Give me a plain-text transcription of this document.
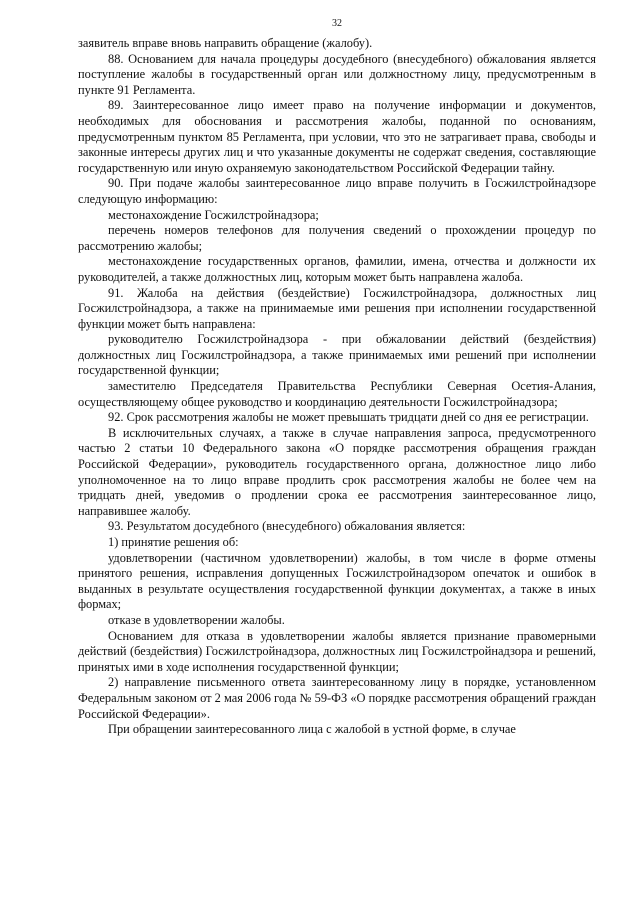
32

заявитель вправе вновь направить обращение (жалобу).

88. Основанием для начала процедуры досудебного (внесудебного) обжалования является поступление жалобы в государственный орган или должностному лицу, предусмотренным в пункте 91 Регламента.

89. Заинтересованное лицо имеет право на получение информации и документов, необходимых для обоснования и рассмотрения жалобы, поданной по основаниям, предусмотренным пунктом 85 Регламента, при условии, что это не затрагивает права, свободы и законные интересы других лиц и что указанные документы не содержат сведения, составляющие государственную или иную охраняемую законодательством Российской Федерации тайну.

90. При подаче жалобы заинтересованное лицо вправе получить в Госжилстройнадзоре следующую информацию:

местонахождение Госжилстройнадзора;

перечень номеров телефонов для получения сведений о прохождении процедур по рассмотрению жалобы;

местонахождение государственных органов, фамилии, имена, отчества и должности их руководителей, а также должностных лиц, которым может быть направлена жалоба.

91. Жалоба на действия (бездействие) Госжилстройнадзора, должностных лиц Госжилстройнадзора, а также на принимаемые ими решения при исполнении государственной функции может быть направлена:

руководителю Госжилстройнадзора - при обжаловании действий (бездействия) должностных лиц Госжилстройнадзора, а также принимаемых ими решений при исполнении государственной функции;

заместителю Председателя Правительства Республики Северная Осетия-Алания, осуществляющему общее руководство и координацию деятельности Госжилстройнадзора;

92. Срок рассмотрения жалобы не может превышать тридцати дней со дня ее регистрации.

В исключительных случаях, а также в случае направления запроса, предусмотренного частью 2 статьи 10 Федерального закона «О порядке рассмотрения обращения граждан Российской Федерации», руководитель государственного органа, должностное лицо либо уполномоченное на то лицо вправе продлить срок рассмотрения жалобы не более чем на тридцать дней, уведомив о продлении срока ее рассмотрения заинтересованное лицо, направившее жалобу.

93. Результатом досудебного (внесудебного) обжалования является:

1) принятие решения об:

удовлетворении (частичном удовлетворении) жалобы, в том числе в форме отмены принятого решения, исправления допущенных Госжилстройнадзором опечаток и ошибок в выданных в результате осуществления государственной функции документах, а также в иных формах;

отказе в удовлетворении жалобы.

Основанием для отказа в удовлетворении жалобы является признание правомерными действий (бездействия) Госжилстройнадзора, должностных лиц Госжилстройнадзора и решений, принятых ими в ходе исполнения государственной функции;

2) направление письменного ответа заинтересованному лицу в порядке, установленном Федеральным законом от 2 мая 2006 года № 59-ФЗ «О порядке рассмотрения обращений граждан Российской Федерации».

При обращении заинтересованного лица с жалобой в устной форме, в случае
